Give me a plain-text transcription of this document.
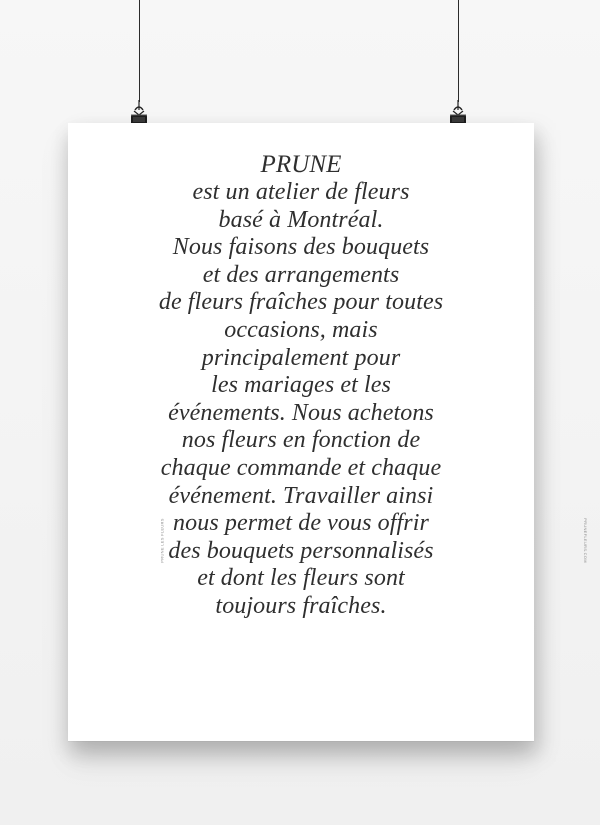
PRUNE LES FLEURS	PRUNEFLEURS.COM
PRUNE
est un atelier de fleurs
basé à Montréal.
Nous faisons des bouquets
et des arrangements
de fleurs fraîches pour toutes
occasions, mais
principalement pour
les mariages et les
événements. Nous achetons
nos fleurs en fonction de
chaque commande et chaque
événement. Travailler ainsi
nous permet de vous offrir
des bouquets personnalisés
et dont les fleurs sont
toujours fraîches.
